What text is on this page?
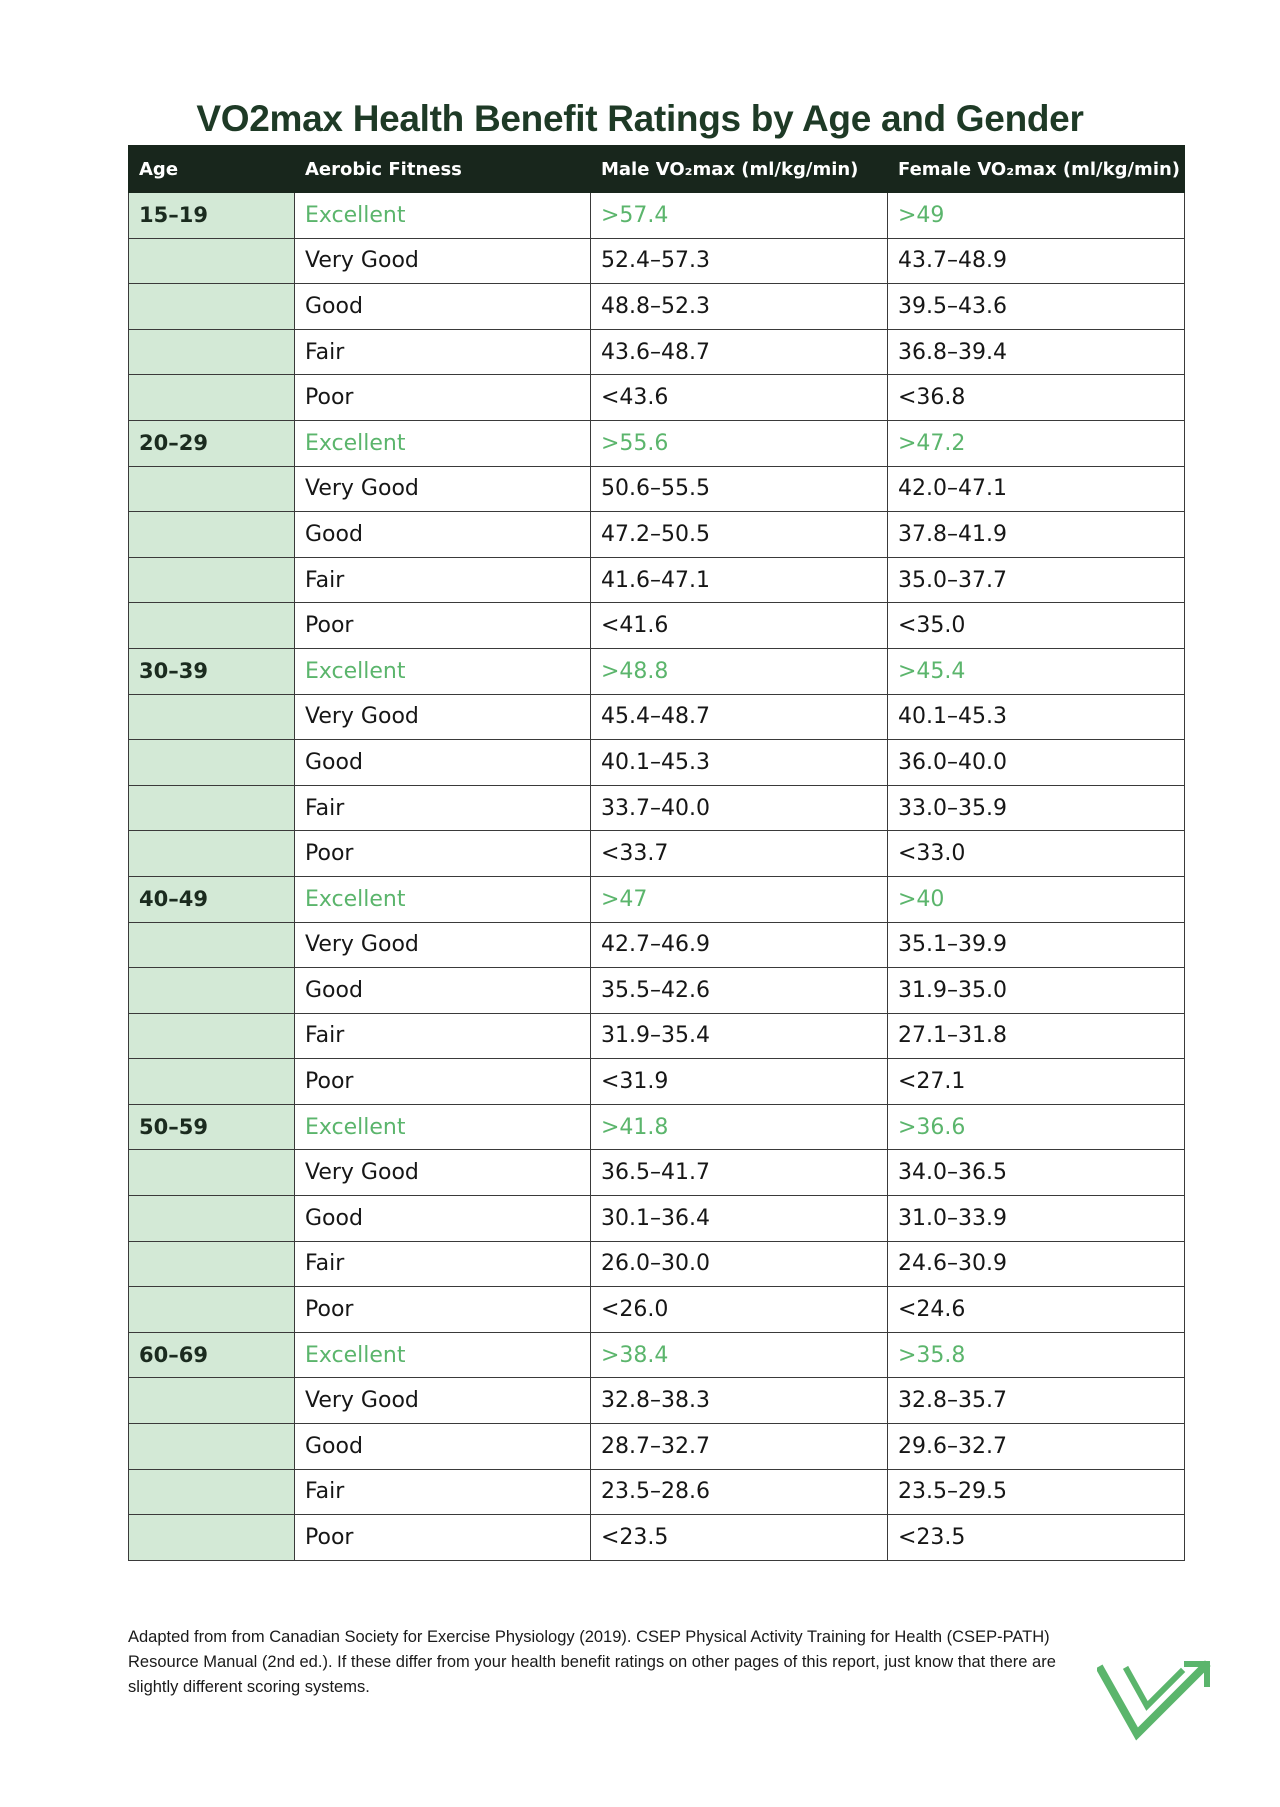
VO2max Health Benefit Ratings by Age and Gender
Age	Aerobic Fitness	Male VO₂max (ml/kg/min)	Female VO₂max (ml/kg/min)
15–19	Excellent	>57.4	>49
	Very Good	52.4–57.3	43.7–48.9
	Good	48.8–52.3	39.5–43.6
	Fair	43.6–48.7	36.8–39.4
	Poor	<43.6	<36.8
20–29	Excellent	>55.6	>47.2
	Very Good	50.6–55.5	42.0–47.1
	Good	47.2–50.5	37.8–41.9
	Fair	41.6–47.1	35.0–37.7
	Poor	<41.6	<35.0
30–39	Excellent	>48.8	>45.4
	Very Good	45.4–48.7	40.1–45.3
	Good	40.1–45.3	36.0–40.0
	Fair	33.7–40.0	33.0–35.9
	Poor	<33.7	<33.0
40–49	Excellent	>47	>40
	Very Good	42.7–46.9	35.1–39.9
	Good	35.5–42.6	31.9–35.0
	Fair	31.9–35.4	27.1–31.8
	Poor	<31.9	<27.1
50–59	Excellent	>41.8	>36.6
	Very Good	36.5–41.7	34.0–36.5
	Good	30.1–36.4	31.0–33.9
	Fair	26.0–30.0	24.6–30.9
	Poor	<26.0	<24.6
60–69	Excellent	>38.4	>35.8
	Very Good	32.8–38.3	32.8–35.7
	Good	28.7–32.7	29.6–32.7
	Fair	23.5–28.6	23.5–29.5
	Poor	<23.5	<23.5

Adapted from from Canadian Society for Exercise Physiology (2019). CSEP Physical Activity Training for Health (CSEP-PATH) Resource Manual (2nd ed.). If these differ from your health benefit ratings on other pages of this report, just know that there are slightly different scoring systems.
